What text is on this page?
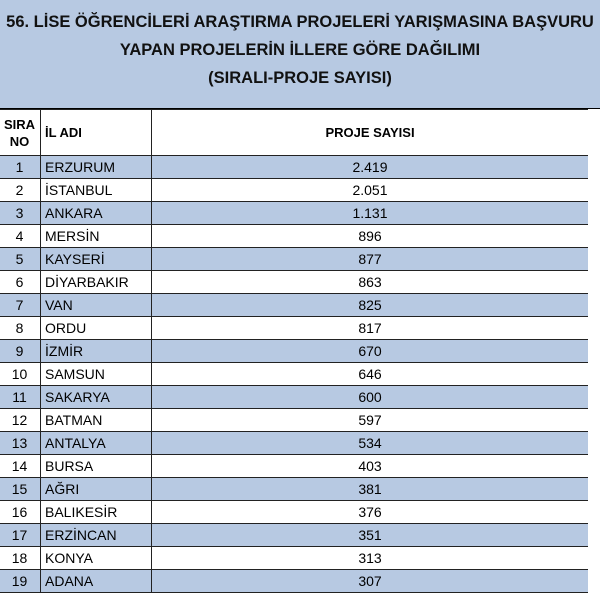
56. LİSE ÖĞRENCİLERİ ARAŞTIRMA PROJELERİ YARIŞMASINA BAŞVURU
YAPAN PROJELERİN İLLERE GÖRE DAĞILIMI
(SIRALI-PROJE SAYISI)
SIRA
NO	İL ADI	PROJE SAYISI
1	ERZURUM	2.419
2	İSTANBUL	2.051
3	ANKARA	1.131
4	MERSİN	896
5	KAYSERİ	877
6	DİYARBAKIR	863
7	VAN	825
8	ORDU	817
9	İZMİR	670
10	SAMSUN	646
11	SAKARYA	600
12	BATMAN	597
13	ANTALYA	534
14	BURSA	403
15	AĞRI	381
16	BALIKESİR	376
17	ERZİNCAN	351
18	KONYA	313
19	ADANA	307
